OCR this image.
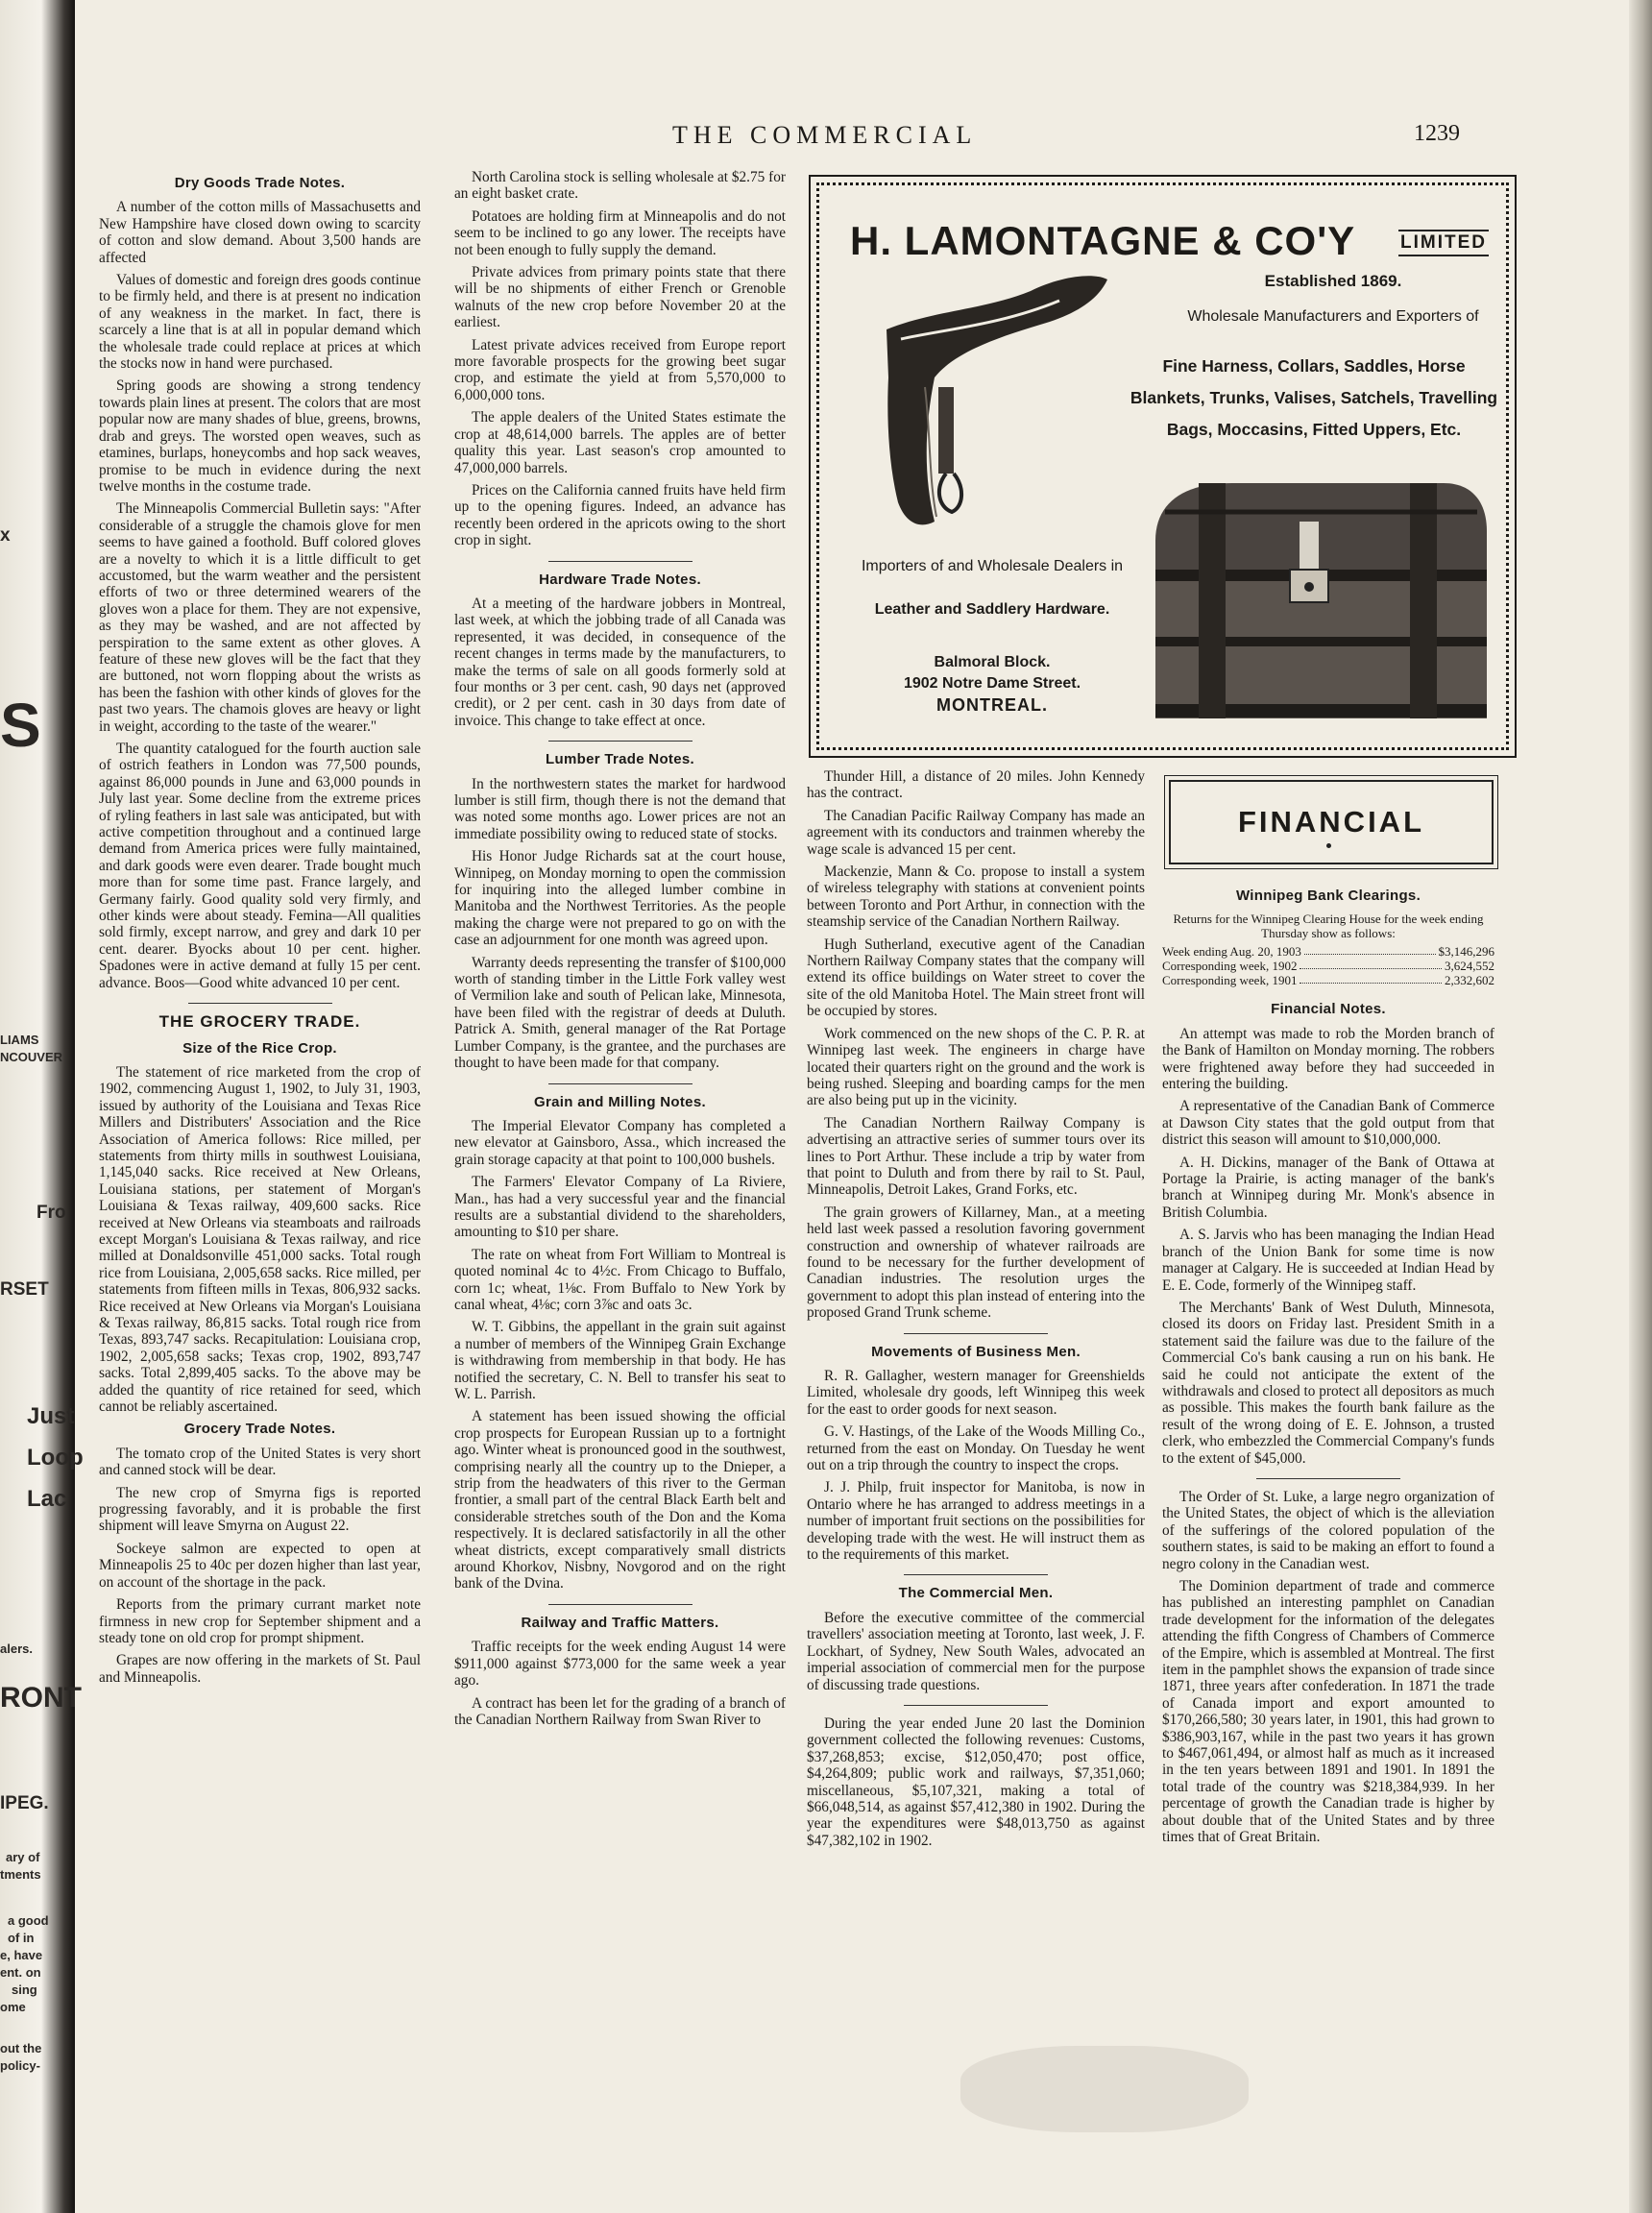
x
S
LIAMS
NCOUVER
Fro
RSET
Just
Loop
Lac
alers.
RONT
IPEG.
ary of
tments
a good
of in
e, have
ent. on
sing
ome
out the
policy-
THE COMMERCIAL	1239
Dry Goods Trade Notes.

A number of the cotton mills of Massachusetts and New Hampshire have closed down owing to scarcity of cotton and slow demand. About 3,500 hands are affected

Values of domestic and foreign dres goods continue to be firmly held, and there is at present no indication of any weakness in the market. In fact, there is scarcely a line that is at all in popular demand which the wholesale trade could replace at prices at which the stocks now in hand were purchased.

Spring goods are showing a strong tendency towards plain lines at present. The colors that are most popular now are many shades of blue, greens, browns, drab and greys. The worsted open weaves, such as etamines, burlaps, honeycombs and hop sack weaves, promise to be much in evidence during the next twelve months in the costume trade.

The Minneapolis Commercial Bulletin says: "After considerable of a struggle the chamois glove for men seems to have gained a foothold. Buff colored gloves are a novelty to which it is a little difficult to get accustomed, but the warm weather and the persistent efforts of two or three determined wearers of the gloves won a place for them. They are not expensive, as they may be washed, and are not affected by perspiration to the same extent as other gloves. A feature of these new gloves will be the fact that they are buttoned, not worn flopping about the wrists as has been the fashion with other kinds of gloves for the past two years. The chamois gloves are heavy or light in weight, according to the taste of the wearer."

The quantity catalogued for the fourth auction sale of ostrich feathers in London was 77,500 pounds, against 86,000 pounds in June and 63,000 pounds in July last year. Some decline from the extreme prices of ryling feathers in last sale was anticipated, but with active competition throughout and a continued large demand from America prices were fully maintained, and dark goods were even dearer. Trade bought much more than for some time past. France largely, and Germany fairly. Good quality sold very firmly, and other kinds were about steady. Femina—All qualities sold firmly, except narrow, and grey and dark 10 per cent. dearer. Byocks about 10 per cent. higher. Spadones were in active demand at fully 15 per cent. advance. Boos—Good white advanced 10 per cent.

THE GROCERY TRADE.
Size of the Rice Crop.

The statement of rice marketed from the crop of 1902, commencing August 1, 1902, to July 31, 1903, issued by authority of the Louisiana and Texas Rice Millers and Distributers' Association and the Rice Association of America follows: Rice milled, per statements from thirty mills in southwest Louisiana, 1,145,040 sacks. Rice received at New Orleans, Louisiana stations, per statement of Morgan's Louisiana & Texas railway, 409,600 sacks. Rice received at New Orleans via steamboats and railroads except Morgan's Louisiana & Texas railway, and rice milled at Donaldsonville 451,000 sacks. Total rough rice from Louisiana, 2,005,658 sacks. Rice milled, per statements from fifteen mills in Texas, 806,932 sacks. Rice received at New Orleans via Morgan's Louisiana & Texas railway, 86,815 sacks. Total rough rice from Texas, 893,747 sacks. Recapitulation: Louisiana crop, 1902, 2,005,658 sacks; Texas crop, 1902, 893,747 sacks. Total 2,899,405 sacks. To the above may be added the quantity of rice retained for seed, which cannot be reliably ascertained.

Grocery Trade Notes.

The tomato crop of the United States is very short and canned stock will be dear.

The new crop of Smyrna figs is reported progressing favorably, and it is probable the first shipment will leave Smyrna on August 22.

Sockeye salmon are expected to open at Minneapolis 25 to 40c per dozen higher than last year, on account of the shortage in the pack.

Reports from the primary currant market note firmness in new crop for September shipment and a steady tone on old crop for prompt shipment.

Grapes are now offering in the markets of St. Paul and Minneapolis.

North Carolina stock is selling wholesale at $2.75 for an eight basket crate.

Potatoes are holding firm at Minneapolis and do not seem to be inclined to go any lower. The receipts have not been enough to fully supply the demand.

Private advices from primary points state that there will be no shipments of either French or Grenoble walnuts of the new crop before November 20 at the earliest.

Latest private advices received from Europe report more favorable prospects for the growing beet sugar crop, and estimate the yield at from 5,570,000 to 6,000,000 tons.

The apple dealers of the United States estimate the crop at 48,614,000 barrels. The apples are of better quality this year. Last season's crop amounted to 47,000,000 barrels.

Prices on the California canned fruits have held firm up to the opening figures. Indeed, an advance has recently been ordered in the apricots owing to the short crop in sight.

Hardware Trade Notes.

At a meeting of the hardware jobbers in Montreal, last week, at which the jobbing trade of all Canada was represented, it was decided, in consequence of the recent changes in terms made by the manufacturers, to make the terms of sale on all goods formerly sold at four months or 3 per cent. cash, 90 days net (approved credit), or 2 per cent. cash in 30 days from date of invoice. This change to take effect at once.

Lumber Trade Notes.

In the northwestern states the market for hardwood lumber is still firm, though there is not the demand that was noted some months ago. Lower prices are not an immediate possibility owing to reduced state of stocks.

His Honor Judge Richards sat at the court house, Winnipeg, on Monday morning to open the commission for inquiring into the alleged lumber combine in Manitoba and the Northwest Territories. As the people making the charge were not prepared to go on with the case an adjournment for one month was agreed upon.

Warranty deeds representing the transfer of $100,000 worth of standing timber in the Little Fork valley west of Vermilion lake and south of Pelican lake, Minnesota, have been filed with the registrar of deeds at Duluth. Patrick A. Smith, general manager of the Rat Portage Lumber Company, is the grantee, and the purchases are thought to have been made for that company.

Grain and Milling Notes.

The Imperial Elevator Company has completed a new elevator at Gainsboro, Assa., which increased the grain storage capacity at that point to 100,000 bushels.

The Farmers' Elevator Company of La Riviere, Man., has had a very successful year and the financial results are a substantial dividend to the shareholders, amounting to $10 per share.

The rate on wheat from Fort William to Montreal is quoted nominal 4c to 4½c. From Chicago to Buffalo, corn 1c; wheat, 1⅛c. From Buffalo to New York by canal wheat, 4⅛c; corn 3⅞c and oats 3c.

W. T. Gibbins, the appellant in the grain suit against a number of members of the Winnipeg Grain Exchange is withdrawing from membership in that body. He has notified the secretary, C. N. Bell to transfer his seat to W. L. Parrish.

A statement has been issued showing the official crop prospects for European Russian up to a fortnight ago. Winter wheat is pronounced good in the southwest, comprising nearly all the country up to the Dnieper, a strip from the headwaters of this river to the German frontier, a small part of the central Black Earth belt and considerable stretches south of the Don and the Koma respectively. It is declared satisfactorily in all the other wheat districts, except comparatively small districts around Khorkov, Nisbny, Novgorod and on the right bank of the Dvina.

Railway and Traffic Matters.

Traffic receipts for the week ending August 14 were $911,000 against $773,000 for the same week a year ago.

A contract has been let for the grading of a branch of the Canadian Northern Railway from Swan River to

H. LAMONTAGNE & CO'Y LIMITED
Established 1869.
Wholesale Manufacturers and Exporters of
Fine Harness, Collars, Saddles, Horse Blankets, Trunks, Valises, Satchels, Travelling Bags, Moccasins, Fitted Uppers, Etc.
Importers of and Wholesale Dealers in
Leather and Saddlery Hardware.
Balmoral Block.
1902 Notre Dame Street.
MONTREAL.

Thunder Hill, a distance of 20 miles. John Kennedy has the contract.

The Canadian Pacific Railway Company has made an agreement with its conductors and trainmen whereby the wage scale is advanced 15 per cent.

Mackenzie, Mann & Co. propose to install a system of wireless telegraphy with stations at convenient points between Toronto and Port Arthur, in connection with the steamship service of the Canadian Northern Railway.

Hugh Sutherland, executive agent of the Canadian Northern Railway Company states that the company will extend its office buildings on Water street to cover the site of the old Manitoba Hotel. The Main street front will be occupied by stores.

Work commenced on the new shops of the C. P. R. at Winnipeg last week. The engineers in charge have located their quarters right on the ground and the work is being rushed. Sleeping and boarding camps for the men are also being put up in the vicinity.

The Canadian Northern Railway Company is advertising an attractive series of summer tours over its lines to Port Arthur. These include a trip by water from that point to Duluth and from there by rail to St. Paul, Minneapolis, Detroit Lakes, Grand Forks, etc.

The grain growers of Killarney, Man., at a meeting held last week passed a resolution favoring government construction and ownership of whatever railroads are found to be necessary for the further development of Canadian industries. The resolution urges the government to adopt this plan instead of entering into the proposed Grand Trunk scheme.

Movements of Business Men.

R. R. Gallagher, western manager for Greenshields Limited, wholesale dry goods, left Winnipeg this week for the east to order goods for next season.

G. V. Hastings, of the Lake of the Woods Milling Co., returned from the east on Monday. On Tuesday he went out on a trip through the country to inspect the crops.

J. J. Philp, fruit inspector for Manitoba, is now in Ontario where he has arranged to address meetings in a number of important fruit sections on the possibilities for developing trade with the west. He will instruct them as to the requirements of this market.

The Commercial Men.

Before the executive committee of the commercial travellers' association meeting at Toronto, last week, J. F. Lockhart, of Sydney, New South Wales, advocated an imperial association of commercial men for the purpose of discussing trade questions.

During the year ended June 20 last the Dominion government collected the following revenues: Customs, $37,268,853; excise, $12,050,470; post office, $4,264,809; public work and railways, $7,351,060; miscellaneous, $5,107,321, making a total of $66,048,514, as against $57,412,380 in 1902. During the year the expenditures were $48,013,750 as against $47,382,102 in 1902.

FINANCIAL
Winnipeg Bank Clearings.
Returns for the Winnipeg Clearing House for the week ending Thursday show as follows:
Week ending Aug. 20, 1903	$3,146,296
Corresponding week, 1902	3,624,552
Corresponding week, 1901	2,332,602
Financial Notes.

An attempt was made to rob the Morden branch of the Bank of Hamilton on Monday morning. The robbers were frightened away before they had succeeded in entering the building.

A representative of the Canadian Bank of Commerce at Dawson City states that the gold output from that district this season will amount to $10,000,000.

A. H. Dickins, manager of the Bank of Ottawa at Portage la Prairie, is acting manager of the bank's branch at Winnipeg during Mr. Monk's absence in British Columbia.

A. S. Jarvis who has been managing the Indian Head branch of the Union Bank for some time is now manager at Calgary. He is succeeded at Indian Head by E. E. Code, formerly of the Winnipeg staff.

The Merchants' Bank of West Duluth, Minnesota, closed its doors on Friday last. President Smith in a statement said the failure was due to the failure of the Commercial Co's bank causing a run on his bank. He said he could not anticipate the extent of the withdrawals and closed to protect all depositors as much as possible. This makes the fourth bank failure as the result of the wrong doing of E. E. Johnson, a trusted clerk, who embezzled the Commercial Company's funds to the extent of $45,000.

The Order of St. Luke, a large negro organization of the United States, the object of which is the alleviation of the sufferings of the colored population of the southern states, is said to be making an effort to found a negro colony in the Canadian west.

The Dominion department of trade and commerce has published an interesting pamphlet on Canadian trade development for the information of the delegates attending the fifth Congress of Chambers of Commerce of the Empire, which is assembled at Montreal. The first item in the pamphlet shows the expansion of trade since 1871, three years after confederation. In 1871 the trade of Canada import and export amounted to $170,266,580; 30 years later, in 1901, this had grown to $386,903,167, while in the past two years it has grown to $467,061,494, or almost half as much as it increased in the ten years between 1891 and 1901. In 1891 the total trade of the country was $218,384,939. In her percentage of growth the Canadian trade is higher by about double that of the United States and by three times that of Great Britain.
